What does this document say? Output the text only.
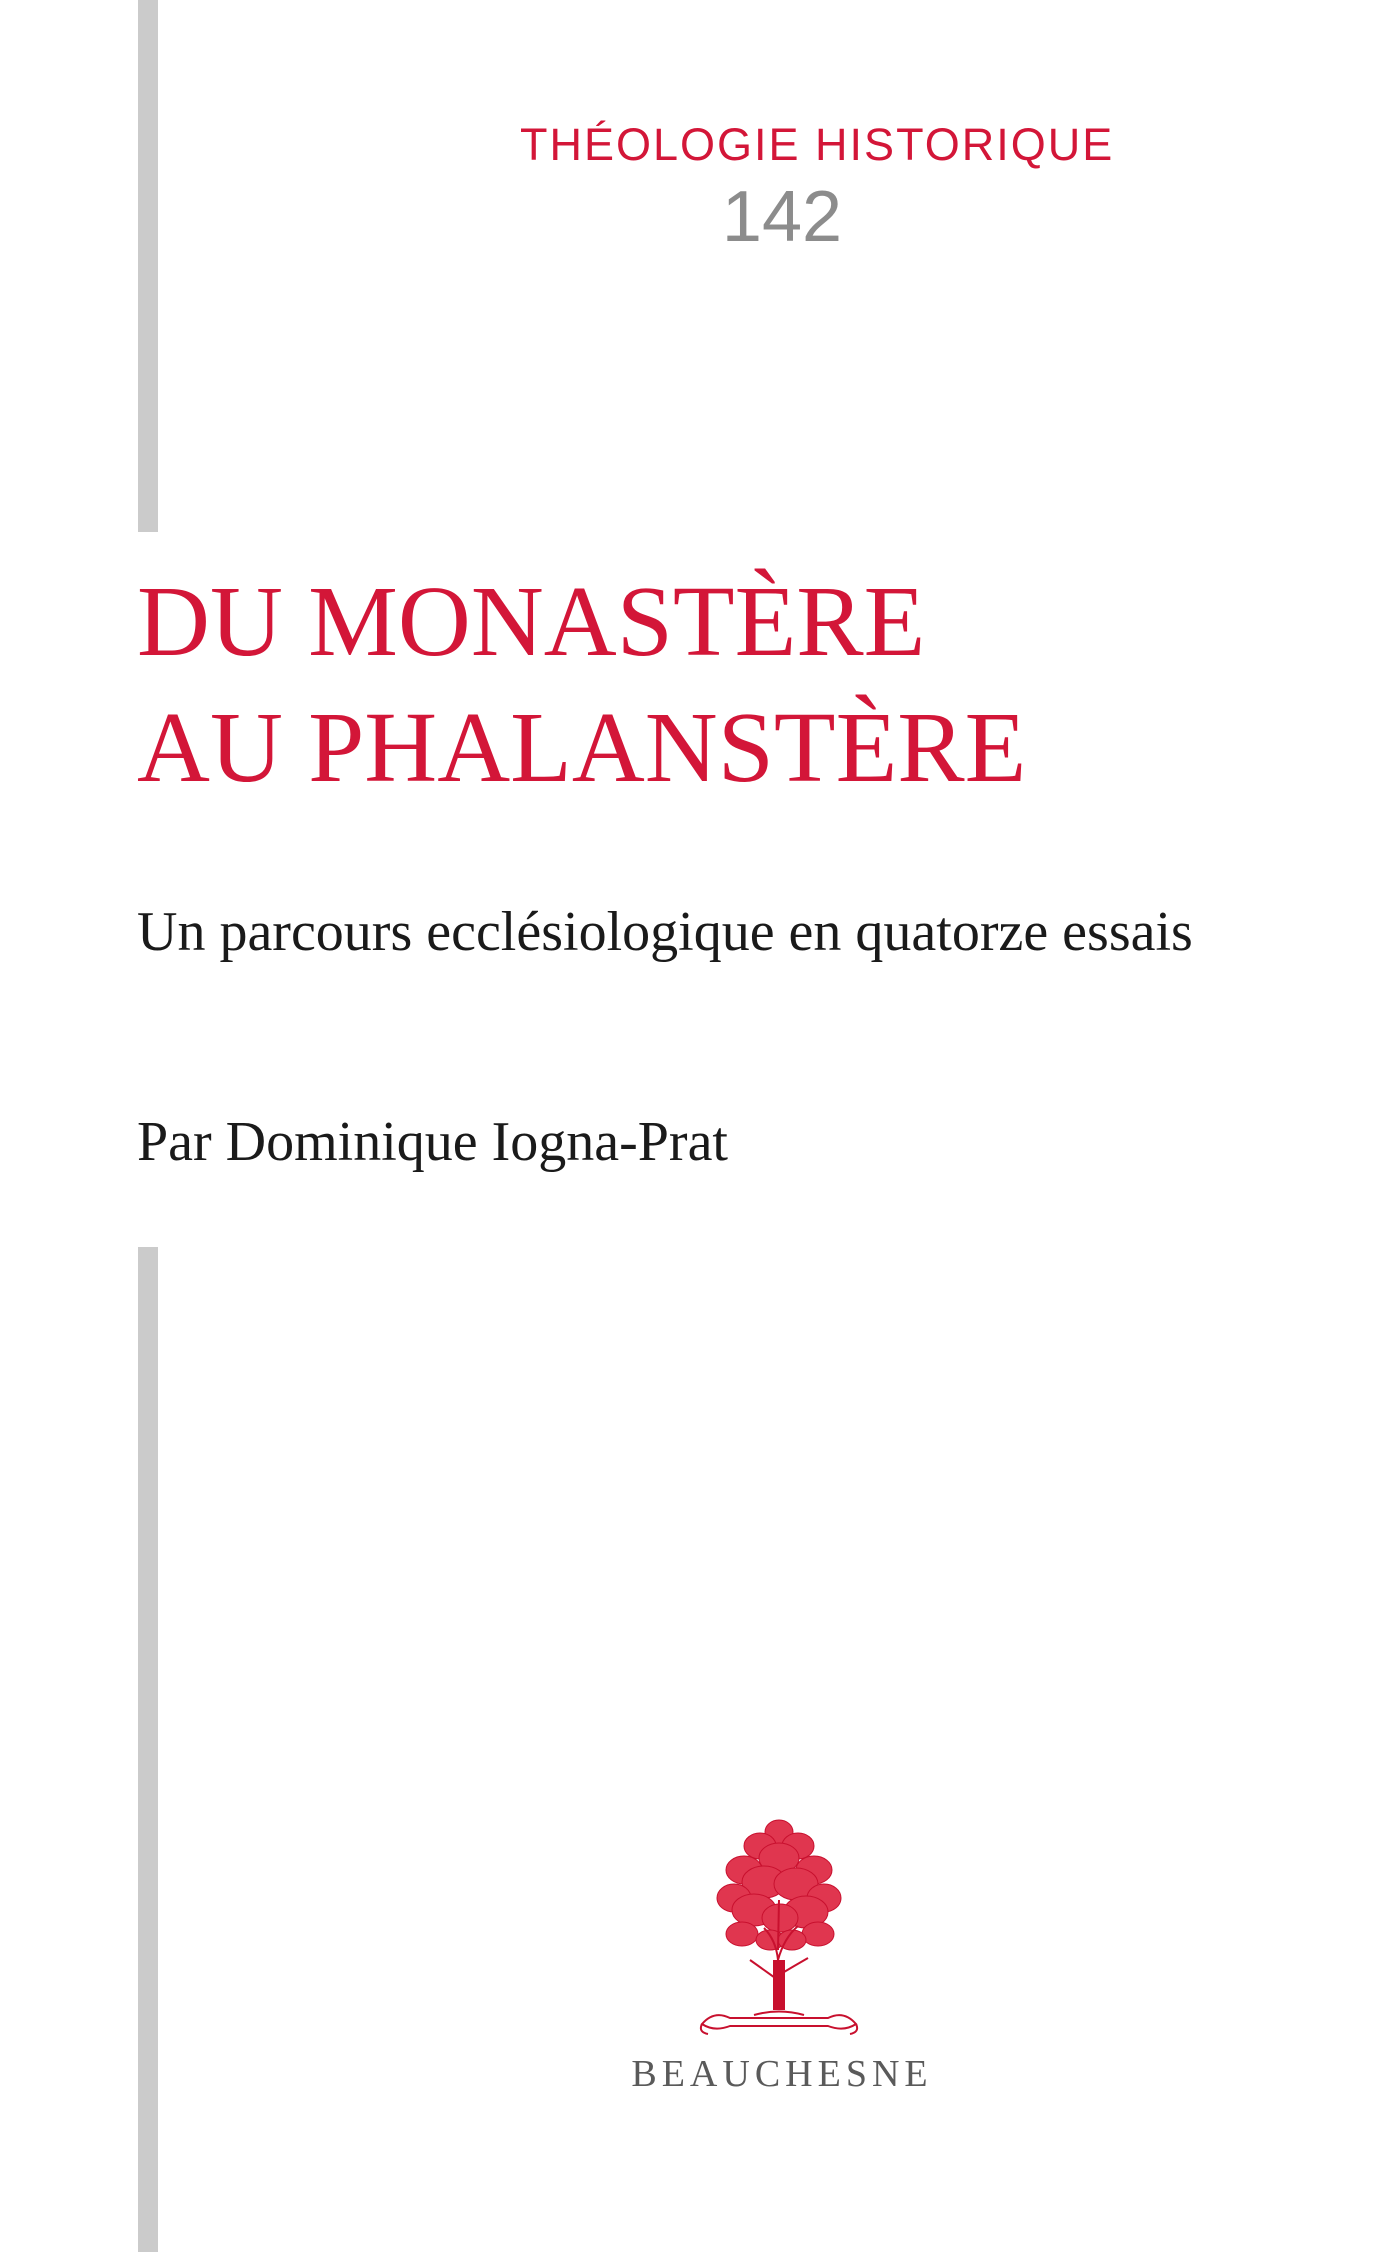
THÉOLOGIE HISTORIQUE
142
DU MONASTÈRE
AU PHALANSTÈRE
Un parcours ecclésiologique en quatorze essais
Par Dominique Iogna-Prat
BEAUCHESNE
